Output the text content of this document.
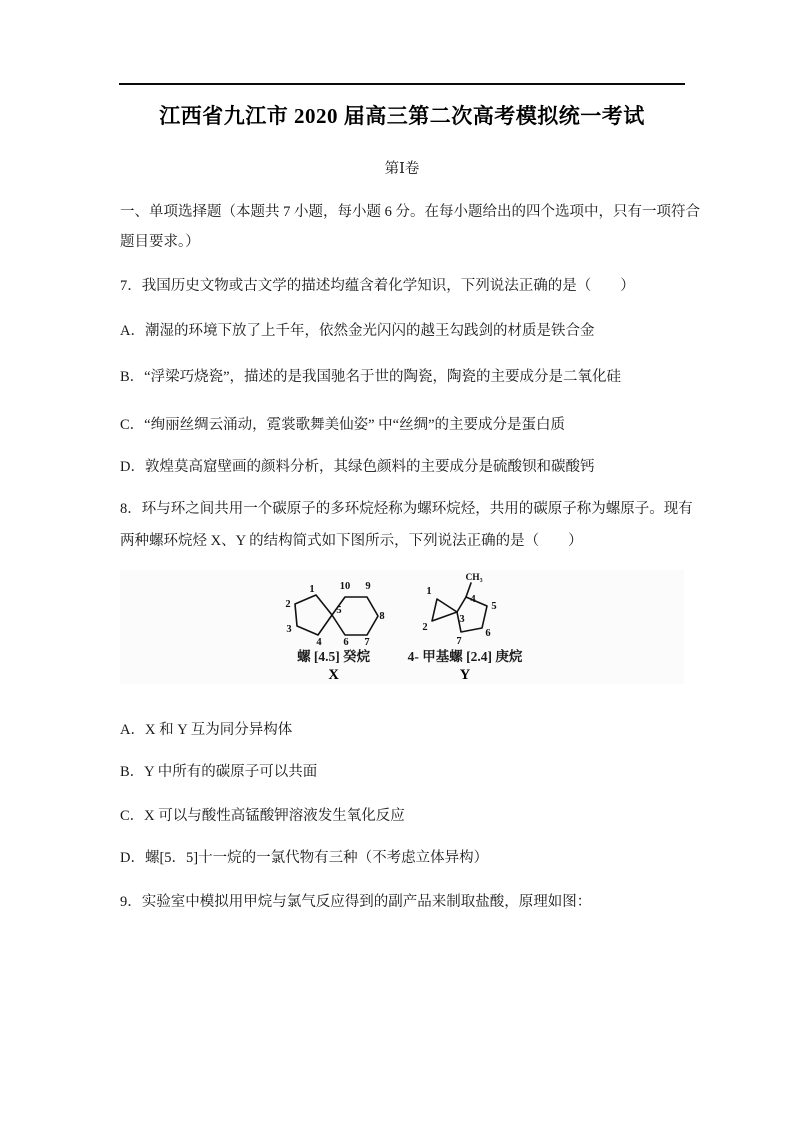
江西省九江市 2020 届高三第二次高考模拟统一考试
第Ⅰ卷
一、单项选择题（本题共 7 小题，每小题 6 分。在每小题给出的四个选项中，只有一项符合
题目要求。）
7．我国历史文物或古文学的描述均蕴含着化学知识，下列说法正确的是（　　）
A．潮湿的环境下放了上千年，依然金光闪闪的越王勾践剑的材质是铁合金
B．“浮梁巧烧瓷”，描述的是我国驰名于世的陶瓷，陶瓷的主要成分是二氧化硅
C．“绚丽丝绸云涌动，霓裳歌舞美仙姿” 中“丝绸”的主要成分是蛋白质
D．敦煌莫高窟壁画的颜料分析，其绿色颜料的主要成分是硫酸钡和碳酸钙
8．环与环之间共用一个碳原子的多环烷烃称为螺环烷烃，共用的碳原子称为螺原子。现有
两种螺环烷烃 X、Y 的结构简式如下图所示，下列说法正确的是（　　）
1
2
3
4
5
6 7
8
9
10
螺 [4.5] 癸烷
X
CH₃
1
2
3
4
5
6
7
4- 甲基螺 [2.4] 庚烷
Y
A．X 和 Y 互为同分异构体
B．Y 中所有的碳原子可以共面
C．X 可以与酸性高锰酸钾溶液发生氧化反应
D．螺[5．5]十一烷的一氯代物有三种（不考虑立体异构）
9．实验室中模拟用甲烷与氯气反应得到的副产品来制取盐酸，原理如图：
